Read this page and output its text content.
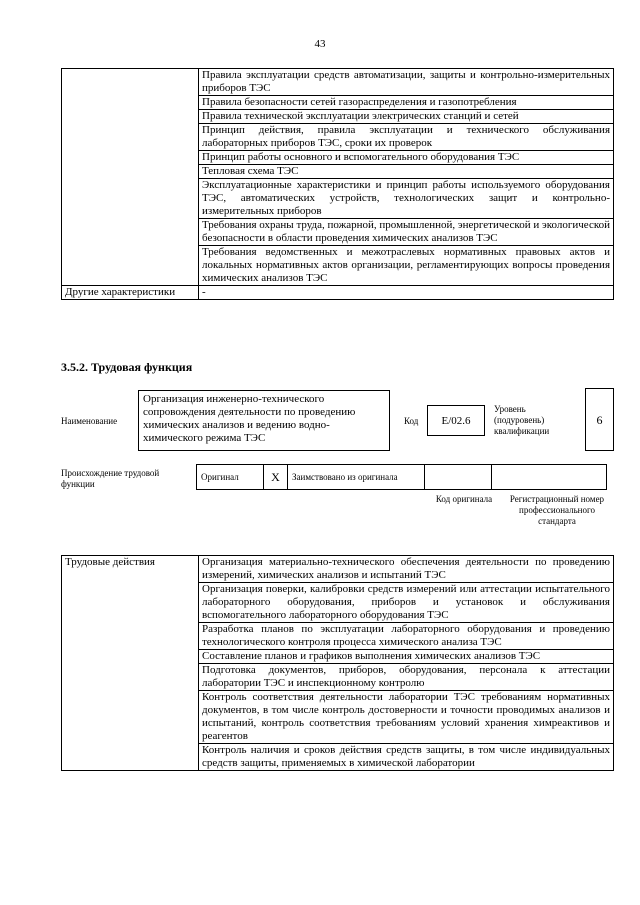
43
	Правила эксплуатации средств автоматизации, защиты и контрольно-измерительных приборов ТЭС
	Правила безопасности сетей газораспределения и газопотребления
	Правила технической эксплуатации электрических станций и сетей
	Принцип действия, правила эксплуатации и технического обслуживания лабораторных приборов ТЭС, сроки их проверок
	Принцип работы основного и вспомогательного оборудования ТЭС
	Тепловая схема ТЭС
	Эксплуатационные характеристики и принцип работы используемого оборудования ТЭС, автоматических устройств, технологических защит и контрольно-измерительных приборов
	Требования охраны труда, пожарной, промышленной, энергетической и экологической безопасности в области проведения химических анализов ТЭС
	Требования ведомственных и межотраслевых нормативных правовых актов и локальных нормативных актов организации, регламентирующих вопросы проведения химических анализов ТЭС
Другие характеристики	-
3.5.2. Трудовая функция
Наименование
Организация инженерно-технического сопровождения деятельности по проведению химических анализов и ведению водно-химического режима ТЭС
Код	E/02.6
Уровень (подуровень) квалификации
6
Происхождение трудовой функции
Оригинал	X	Заимствовано из оригинала		
Код оригинала	Регистрационный номер профессионального стандарта
Трудовые действия	Организация материально-технического обеспечения деятельности по проведению измерений, химических анализов и испытаний ТЭС
Организация поверки, калибровки средств измерений или аттестации испытательного лабораторного оборудования, приборов и установок и обслуживания вспомогательного лабораторного оборудования ТЭС
Разработка планов по эксплуатации лабораторного оборудования и проведению технологического контроля процесса химического анализа ТЭС
Составление планов и графиков выполнения химических анализов ТЭС
Подготовка документов, приборов, оборудования, персонала к аттестации лаборатории ТЭС и инспекционному контролю
Контроль соответствия деятельности лаборатории ТЭС требованиям нормативных документов, в том числе контроль достоверности и точности проводимых анализов и испытаний, контроль соответствия требованиям условий хранения химреактивов и реагентов
Контроль наличия и сроков действия средств защиты, в том числе индивидуальных средств защиты, применяемых в химической лаборатории
